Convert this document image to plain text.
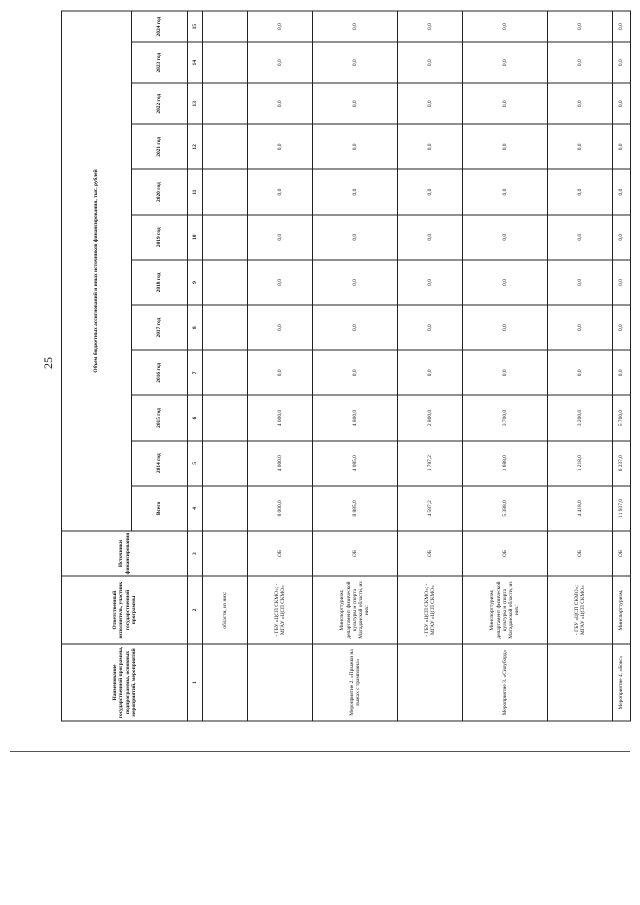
25
Наименование государственной программы, подпрограммы, основных мероприятий, мероприятий	Ответственный исполнитель, участник государственной программы	Источники финансирования	Объем бюджетных ассигнований и иных источников финансирования, тыс. рублей											
			Всего	2014 год	2015 год	2016 год	2017 год	2018 год	2019 год	2020 год	2021 год	2022 год	2023 год	2024 год
1	2	3	4	5	6	7	8	9	10	11	12	13	14	15
	области, из них:													
	- ГБУ «ЦСП СКМО»; - МГАУ «ЦСП СКМО»	ОБ	8 000,0	4 000,0	4 000,0	0,0	0,0	0,0	0,0	0,0	0,0	0,0	0,0	0,0
Мероприятие 2. «Прыжки на лыжах с трамплина»	Минспорттуризм; департамент физической культуры и спорта Магаданской области, из них:	ОБ	8 885,0	4 085,0	4 800,0	0,0	0,0	0,0	0,0	0,0	0,0	0,0	0,0	0,0
	- ГБУ «ЦСП СКМО»; - МГАУ «ЦСП СКМО»	ОБ	4 587,2	1 787,2	2 800,0	0,0	0,0	0,0	0,0	0,0	0,0	0,0	0,0	0,0
Мероприятие 3. «Сноуборд»	Минспорттуризм; департамент физической культуры и спорта Магаданской области, из них:	ОБ	5 388,0	1 688,0	3 700,0	0,0	0,0	0,0	0,0	0,0	0,0	0,0	0,0	0,0
	- ГБУ «ЦСП СКМО»; МГАУ «ЦСП СКМО»	ОБ	4 418,0	1 218,0	3 200,0	0,0	0,0	0,0	0,0	0,0	0,0	0,0	0,0	0,0
Мероприятие 4. «Бокс»	Минспорттуризм,	ОБ	11 937,0	6 237,0	5 700,0	0,0	0,0	0,0	0,0	0,0	0,0	0,0	0,0	0,0
